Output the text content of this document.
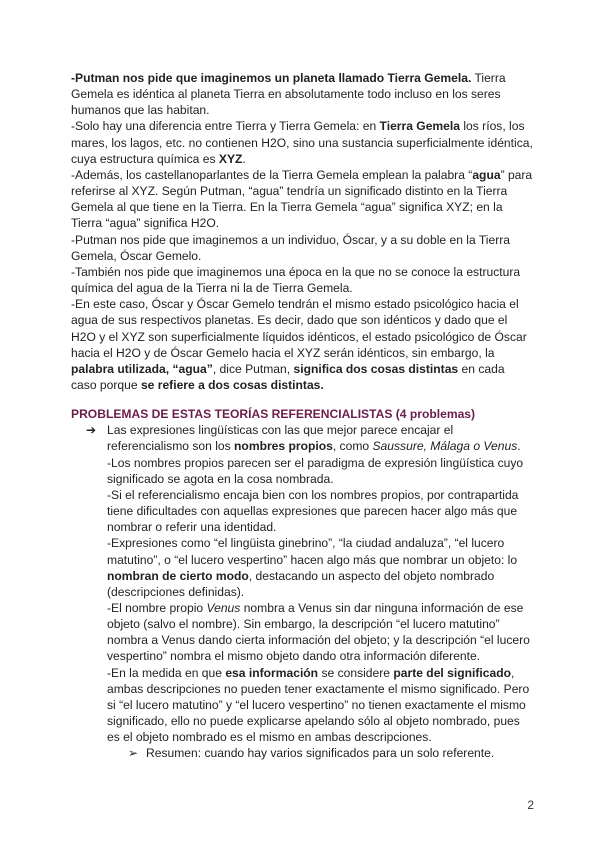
-Putman nos pide que imaginemos un planeta llamado Tierra Gemela. Tierra Gemela es idéntica al planeta Tierra en absolutamente todo incluso en los seres humanos que las habitan.

-Solo hay una diferencia entre Tierra y Tierra Gemela: en Tierra Gemela los ríos, los mares, los lagos, etc. no contienen H2O, sino una sustancia superficialmente idéntica, cuya estructura química es XYZ.

-Además, los castellanoparlantes de la Tierra Gemela emplean la palabra “agua” para referirse al XYZ. Según Putman, “agua” tendría un significado distinto en la Tierra Gemela al que tiene en la Tierra. En la Tierra Gemela “agua” significa XYZ; en la Tierra “agua” significa H2O.

-Putman nos pide que imaginemos a un individuo, Óscar, y a su doble en la Tierra Gemela, Óscar Gemelo.

-También nos pide que imaginemos una época en la que no se conoce la estructura química del agua de la Tierra ni la de Tierra Gemela.

-En este caso, Óscar y Óscar Gemelo tendrán el mismo estado psicológico hacia el agua de sus respectivos planetas. Es decir, dado que son idénticos y dado que el H2O y el XYZ son superficialmente líquidos idénticos, el estado psicológico de Óscar hacia el H2O y de Óscar Gemelo hacia el XYZ serán idénticos, sin embargo, la palabra utilizada, “agua”, dice Putman, significa dos cosas distintas en cada caso porque se refiere a dos cosas distintas.

PROBLEMAS DE ESTAS TEORÍAS REFERENCIALISTAS (4 problemas)

➔ Las expresiones lingüísticas con las que mejor parece encajar el referencialismo son los nombres propios, como Saussure, Málaga o Venus.

-Los nombres propios parecen ser el paradigma de expresión lingüística cuyo significado se agota en la cosa nombrada.

-Si el referencialismo encaja bien con los nombres propios, por contrapartida tiene dificultades con aquellas expresiones que parecen hacer algo más que nombrar o referir una identidad.

-Expresiones como “el lingüista ginebrino”, “la ciudad andaluza”, “el lucero matutino”, o “el lucero vespertino” hacen algo más que nombrar un objeto: lo nombran de cierto modo, destacando un aspecto del objeto nombrado (descripciones definidas).

-El nombre propio Venus nombra a Venus sin dar ninguna información de ese objeto (salvo el nombre). Sin embargo, la descripción “el lucero matutino” nombra a Venus dando cierta información del objeto; y la descripción “el lucero vespertino” nombra el mismo objeto dando otra información diferente.

-En la medida en que esa información se considere parte del significado, ambas descripciones no pueden tener exactamente el mismo significado. Pero si “el lucero matutino” y “el lucero vespertino” no tienen exactamente el mismo significado, ello no puede explicarse apelando sólo al objeto nombrado, pues es el objeto nombrado es el mismo en ambas descripciones.

➢ Resumen: cuando hay varios significados para un solo referente.

2
